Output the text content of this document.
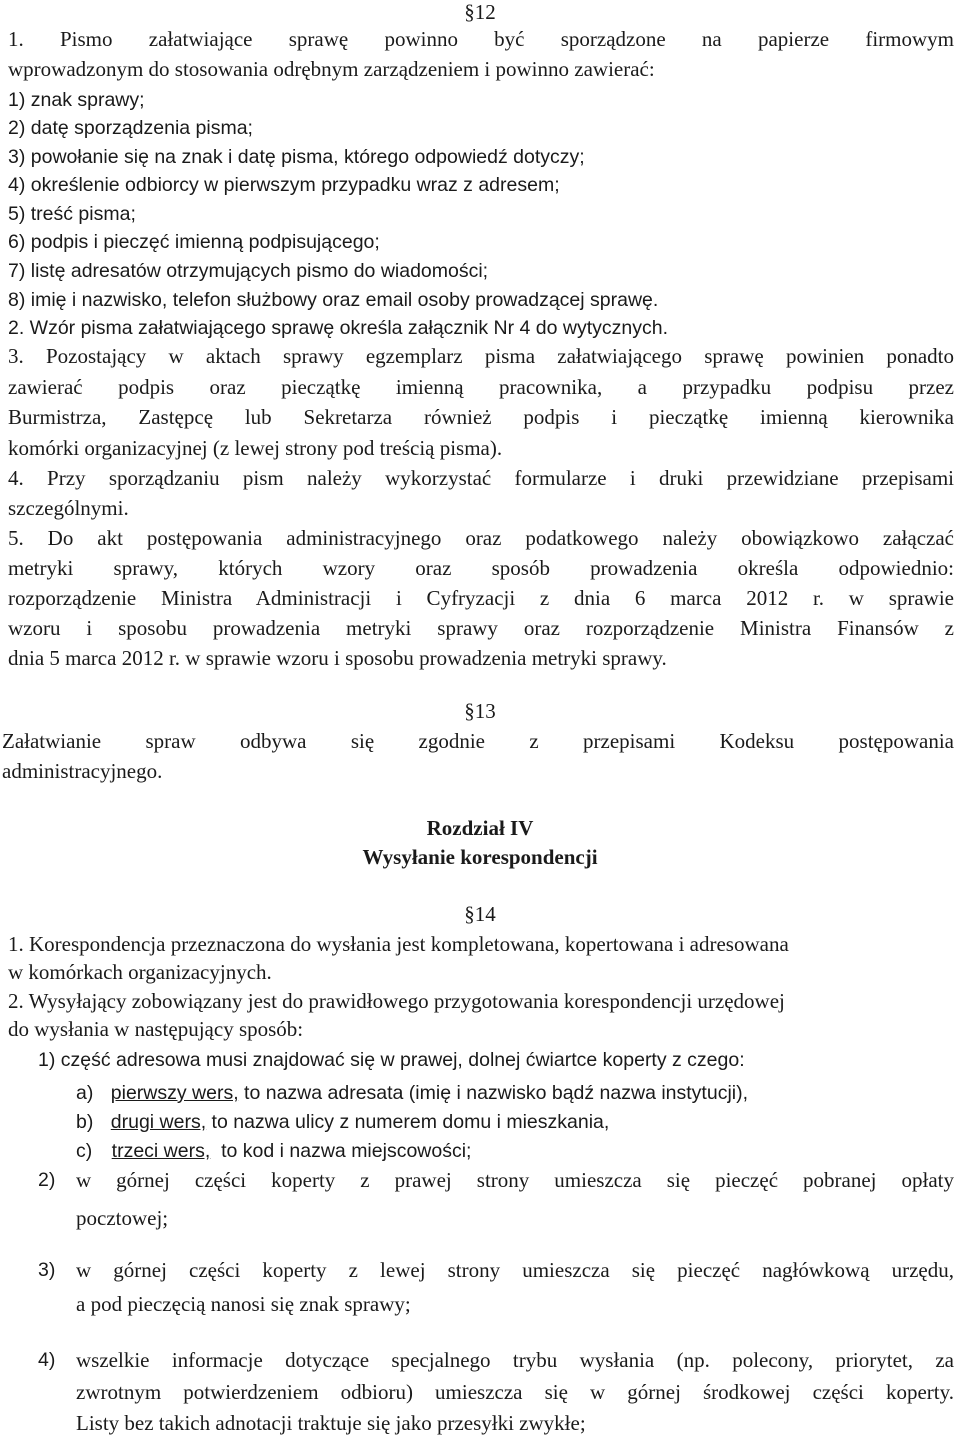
§12
1. Pismo załatwiające sprawę powinno być sporządzone na papierze firmowym
wprowadzonym do stosowania odrębnym zarządzeniem i powinno zawierać:
1) znak sprawy;
2) datę sporządzenia pisma;
3) powołanie się na znak i datę pisma, którego odpowiedź dotyczy;
4) określenie odbiorcy w pierwszym przypadku wraz z adresem;
5) treść pisma;
6) podpis i pieczęć imienną podpisującego;
7) listę adresatów otrzymujących pismo do wiadomości;
8) imię i nazwisko, telefon służbowy oraz email osoby prowadzącej sprawę.
2. Wzór pisma załatwiającego sprawę określa załącznik Nr 4 do wytycznych.
3. Pozostający w aktach sprawy egzemplarz pisma załatwiającego sprawę powinien ponadto
zawierać podpis oraz pieczątkę imienną pracownika, a przypadku podpisu przez
Burmistrza, Zastępcę lub Sekretarza również podpis i pieczątkę imienną kierownika
komórki organizacyjnej (z lewej strony pod treścią pisma).
4. Przy sporządzaniu pism należy wykorzystać formularze i druki przewidziane przepisami
szczególnymi.
5. Do akt postępowania administracyjnego oraz podatkowego należy obowiązkowo załączać
metryki sprawy, których wzory oraz sposób prowadzenia określa odpowiednio:
rozporządzenie Ministra Administracji i Cyfryzacji z dnia 6 marca 2012 r. w sprawie
wzoru i sposobu prowadzenia metryki sprawy oraz rozporządzenie Ministra Finansów z
dnia 5 marca 2012 r. w sprawie wzoru i sposobu prowadzenia metryki sprawy.
§13
Załatwianie spraw odbywa się zgodnie z przepisami Kodeksu postępowania
administracyjnego.
Rozdział IV
Wysyłanie korespondencji
§14
1. Korespondencja przeznaczona do wysłania jest kompletowana, kopertowana i adresowana
w komórkach organizacyjnych.
2. Wysyłający zobowiązany jest do prawidłowego przygotowania korespondencji urzędowej
do wysłania w następujący sposób:
1) część adresowa musi znajdować się w prawej, dolnej ćwiartce koperty z czego:
a) pierwszy wers, to nazwa adresata (imię i nazwisko bądź nazwa instytucji),
b) drugi wers, to nazwa ulicy z numerem domu i mieszkania,
c) trzeci wers,  to kod i nazwa miejscowości;
2) w górnej części koperty z prawej strony umieszcza się pieczęć pobranej opłaty
pocztowej;
3) w górnej części koperty z lewej strony umieszcza się pieczęć nagłówkową urzędu,
a pod pieczęcią nanosi się znak sprawy;
4) wszelkie informacje dotyczące specjalnego trybu wysłania (np. polecony, priorytet, za
zwrotnym potwierdzeniem odbioru) umieszcza się w górnej środkowej części koperty.
Listy bez takich adnotacji traktuje się jako przesyłki zwykłe;
